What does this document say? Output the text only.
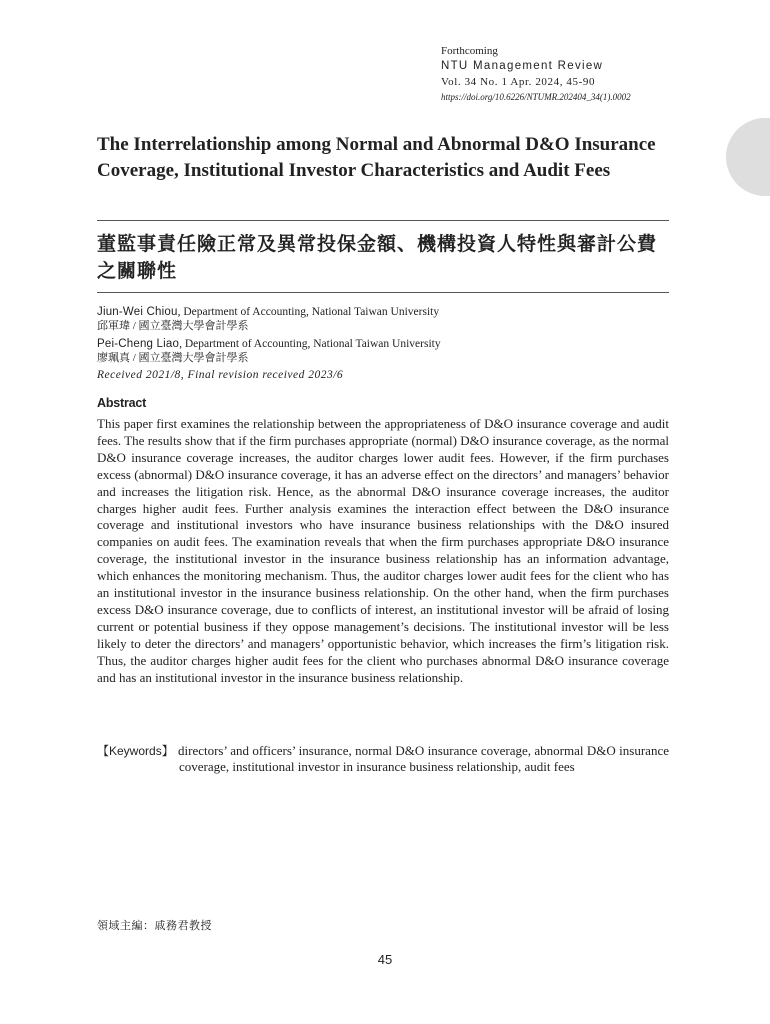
Forthcoming
NTU Management Review
Vol. 34 No. 1 Apr. 2024, 45-90
https://doi.org/10.6226/NTUMR.202404_34(1).0002
The Interrelationship among Normal and Abnormal D&O Insurance Coverage, Institutional Investor Characteristics and Audit Fees
董監事責任險正常及異常投保金額、機構投資人特性與審計公費之關聯性
Jiun-Wei Chiou, Department of Accounting, National Taiwan University
邱軍瑋 / 國立臺灣大學會計學系
Pei-Cheng Liao, Department of Accounting, National Taiwan University
廖珮真 / 國立臺灣大學會計學系
Received 2021/8, Final revision received 2023/6
Abstract

This paper first examines the relationship between the appropriateness of D&O insurance coverage and audit fees. The results show that if the firm purchases appropriate (normal) D&O insurance coverage, as the normal D&O insurance coverage increases, the auditor charges lower audit fees. However, if the firm purchases excess (abnormal) D&O insurance coverage, it has an adverse effect on the directors’ and managers’ behavior and increases the litigation risk. Hence, as the abnormal D&O insurance coverage increases, the auditor charges higher audit fees. Further analysis examines the interaction effect between the D&O insurance coverage and institutional investors who have insurance business relationships with the D&O insured companies on audit fees. The examination reveals that when the firm purchases appropriate D&O insurance coverage, the institutional investor in the insurance business relationship has an information advantage, which enhances the monitoring mechanism. Thus, the auditor charges lower audit fees for the client who has an institutional investor in the insurance business relationship. On the other hand, when the firm purchases excess D&O insurance coverage, due to conflicts of interest, an institutional investor will be afraid of losing current or potential business if they oppose management’s decisions. The institutional investor will be less likely to deter the directors’ and managers’ opportunistic behavior, which increases the firm’s litigation risk. Thus, the auditor charges higher audit fees for the client who purchases abnormal D&O insurance coverage and has an institutional investor in the insurance business relationship.

【Keywords】 directors’ and officers’ insurance, normal D&O insurance coverage, abnormal D&O insurance coverage, institutional investor in insurance business relationship, audit fees
領域主編：戚務君教授
45
